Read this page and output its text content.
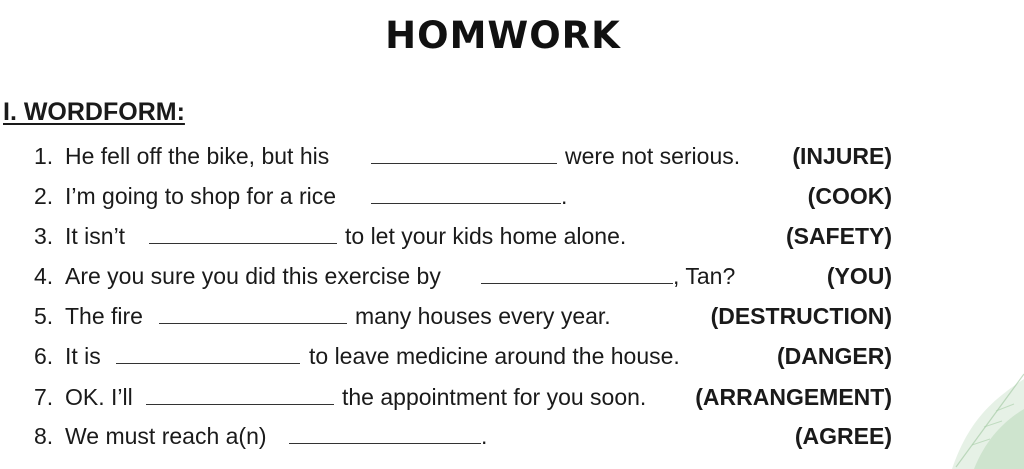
HOMWORK
I. WORDFORM:
1. He fell off the bike, but his	were not serious. (INJURE)
2. I’m going to shop for a rice	.	(COOK)
3. It isn’t	to let your kids home alone.	(SAFETY)
4. Are you sure you did this exercise by	, Tan?	(YOU)
5. The fire	many houses every year.	(DESTRUCTION)
6. It is	to leave medicine around the house.	(DANGER)
7. OK. I’ll	the appointment for you soon. (ARRANGEMENT)
8. We must reach a(n)	.	(AGREE)
